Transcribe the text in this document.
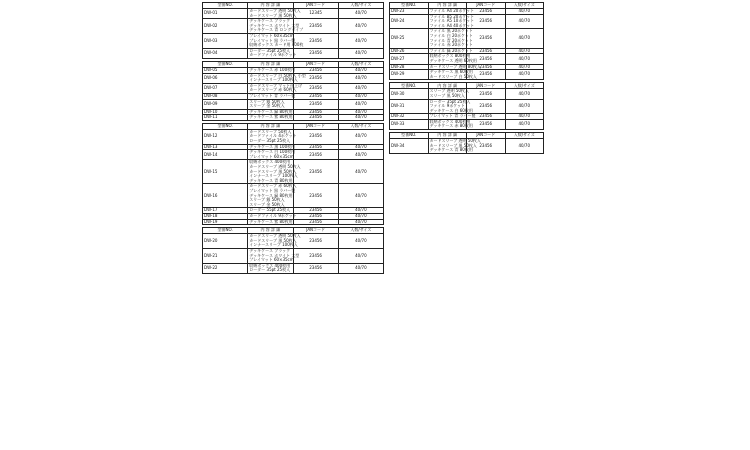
型番NO.	内 容 詳 細	JANコード	入数/サイズ
DW-01	カードスリーブ 透明 50枚入
カードスリーブ 黒 50枚入	12345	40/70
DW-02	デッキケース ブラック
デッキケース ホワイト 大型
デッキケース 青 ロングタイプ	23456	40/70
DW-03	プレイマット 60×35cm
プレイマット 黒 ラバー製
収納ボックス カード用 400枚	23456	40/70
DW-04	ローダー 35pt 25枚入
カードファイル 9ポケット	23456	40/70
型番NO.	内 容 詳 細	JANコード	入数/サイズ
DW-05	デッキケース 赤 100枚用	23456	40/70
DW-06	カードスリーブ 白 50枚入 小型
インナースリーブ 100枚入	23456	40/70
DW-07	カードスリーブ マット仕上げ
カードスリーブ 赤 60枚入	23456	40/70
DW-08	プレイマット 青 ラバー製	23456	40/70
DW-09	スリーブ 銀 50枚入
スリーブ 金 50枚入	23456	40/70
DW-10	デッキケース 緑 80枚用	23456	40/70
DW-11	デッキケース 紫 80枚用	23456	40/70
型番NO.	内 容 詳 細	JANコード	入数/サイズ
DW-12	カードスリーブ 50枚入
カードファイル 4ポケット
ローダー 35pt 25枚入	23456	40/70
DW-13	デッキケース 黒 100枚用	23456	40/70
DW-14	デッキケース 白 100枚用
プレイマット 60×35cm	23456	40/70
DW-15	収納ボックス 400枚用
カードスリーブ 透明 50枚入
カードスリーブ 黒 50枚入
インナースリーブ 100枚入
デッキケース 青 80枚用	23456	40/70
DW-16	カードスリーブ 赤 60枚入
プレイマット 黒 ラバー製
デッキケース 緑 80枚用
スリーブ 銀 50枚入
スリーブ 金 50枚入	23456	40/70
DW-17	ローダー 55pt 25枚入	23456	40/70
DW-18	カードファイル 9ポケット	23456	40/70
DW-19	デッキケース 紫 80枚用	23456	40/70
型番NO.	内 容 詳 細	JANコード	入数/サイズ
DW-20	カードスリーブ 透明 50枚入
カードスリーブ 黒 50枚入
インナースリーブ 100枚入	23456	40/70
DW-21	デッキケース ブラック
デッキケース ホワイト 大型
プレイマット 60×35cm	23456	40/70
DW-22	収納ボックス 400枚用
ローダー 35pt 25枚入	23456	40/70
型番NO.	内 容 詳 細	JANコード	入数/サイズ
DW-23	ファイル A4 20ポケット	23456	40/70
DW-24	ファイル B5 20ポケット
ファイル A5 10ポケット
ファイル A4 40ポケット	23456	40/70
DW-25	ファイル 黒 20ポケット
ファイル 白 20ポケット
ファイル 青 20ポケット
ファイル 赤 20ポケット	23456	40/70
DW-26	ファイル 緑 20ポケット	23456	40/70
DW-27	収納ボックス 800枚用
デッキケース 透明 60枚用	23456	40/70
DW-28	カードスリーブ 透明 80枚入	23456	40/70
DW-29	デッキケース 黒 60枚用
カードスリーブ 白 50枚入	23456	40/70
型番NO.	内 容 詳 細	JANコード	入数/サイズ
DW-30	スリーブ 透明 50枚入
スリーブ 黒 50枚入	23456	40/70
DW-31	ローダー 35pt 25枚入
ファイル 9ポケット
デッキケース 白 60枚用	23456	40/70
DW-32	プレイマット 青 ラバー製	23456	40/70
DW-33	収納ボックス 400枚用
デッキケース 赤 80枚用	23456	40/70
型番NO.	内 容 詳 細	JANコード	入数/サイズ
DW-34	カードスリーブ 透明 50枚入
カードスリーブ 黒 50枚入
デッキケース 青 80枚用	23456	40/70
